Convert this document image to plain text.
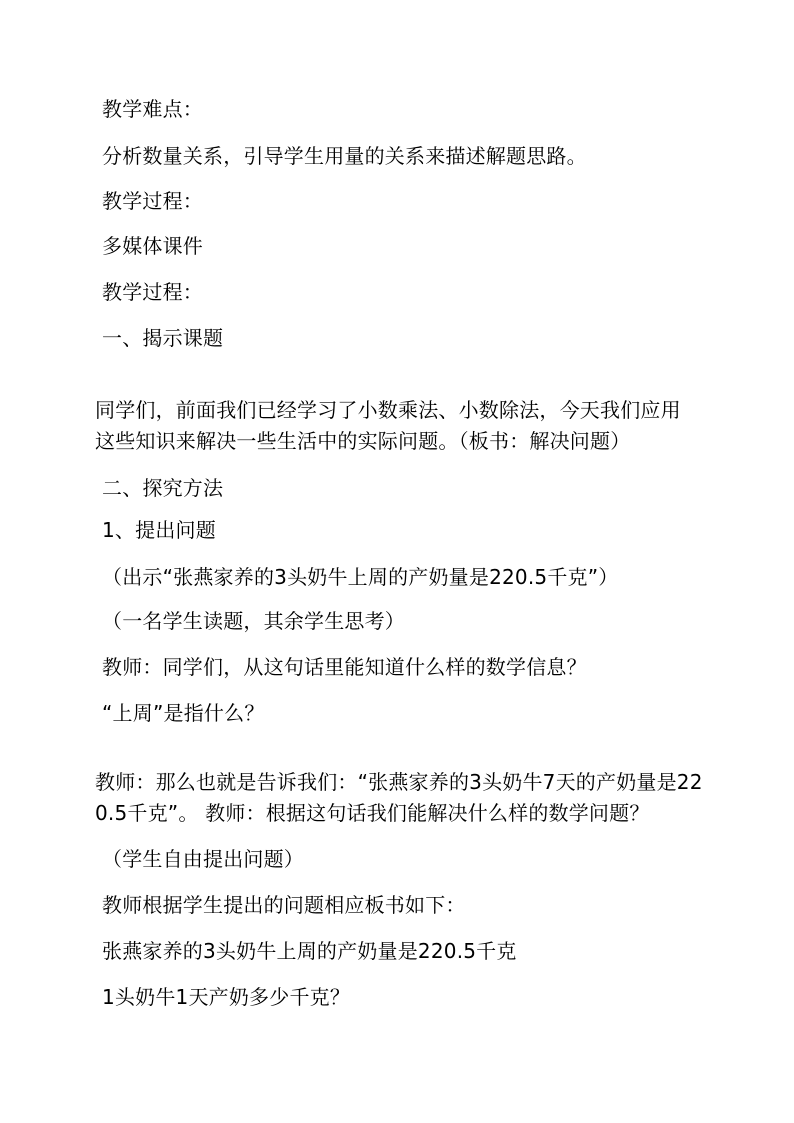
教学难点：
分析数量关系，引导学生用量的关系来描述解题思路。
教学过程：
多媒体课件
教学过程：
一、揭示课题
同学们，前面我们已经学习了小数乘法、小数除法，今天我们应用
这些知识来解决一些生活中的实际问题。（板书：解决问题）
二、探究方法
1、提出问题
（出示“张燕家养的3头奶牛上周的产奶量是220.5千克”）
（一名学生读题，其余学生思考）
教师：同学们，从这句话里能知道什么样的数学信息？
“上周”是指什么？
教师：那么也就是告诉我们：“张燕家养的3头奶牛7天的产奶量是22
0.5千克”。 教师：根据这句话我们能解决什么样的数学问题？
（学生自由提出问题）
教师根据学生提出的问题相应板书如下：
张燕家养的3头奶牛上周的产奶量是220.5千克
1头奶牛1天产奶多少千克？
